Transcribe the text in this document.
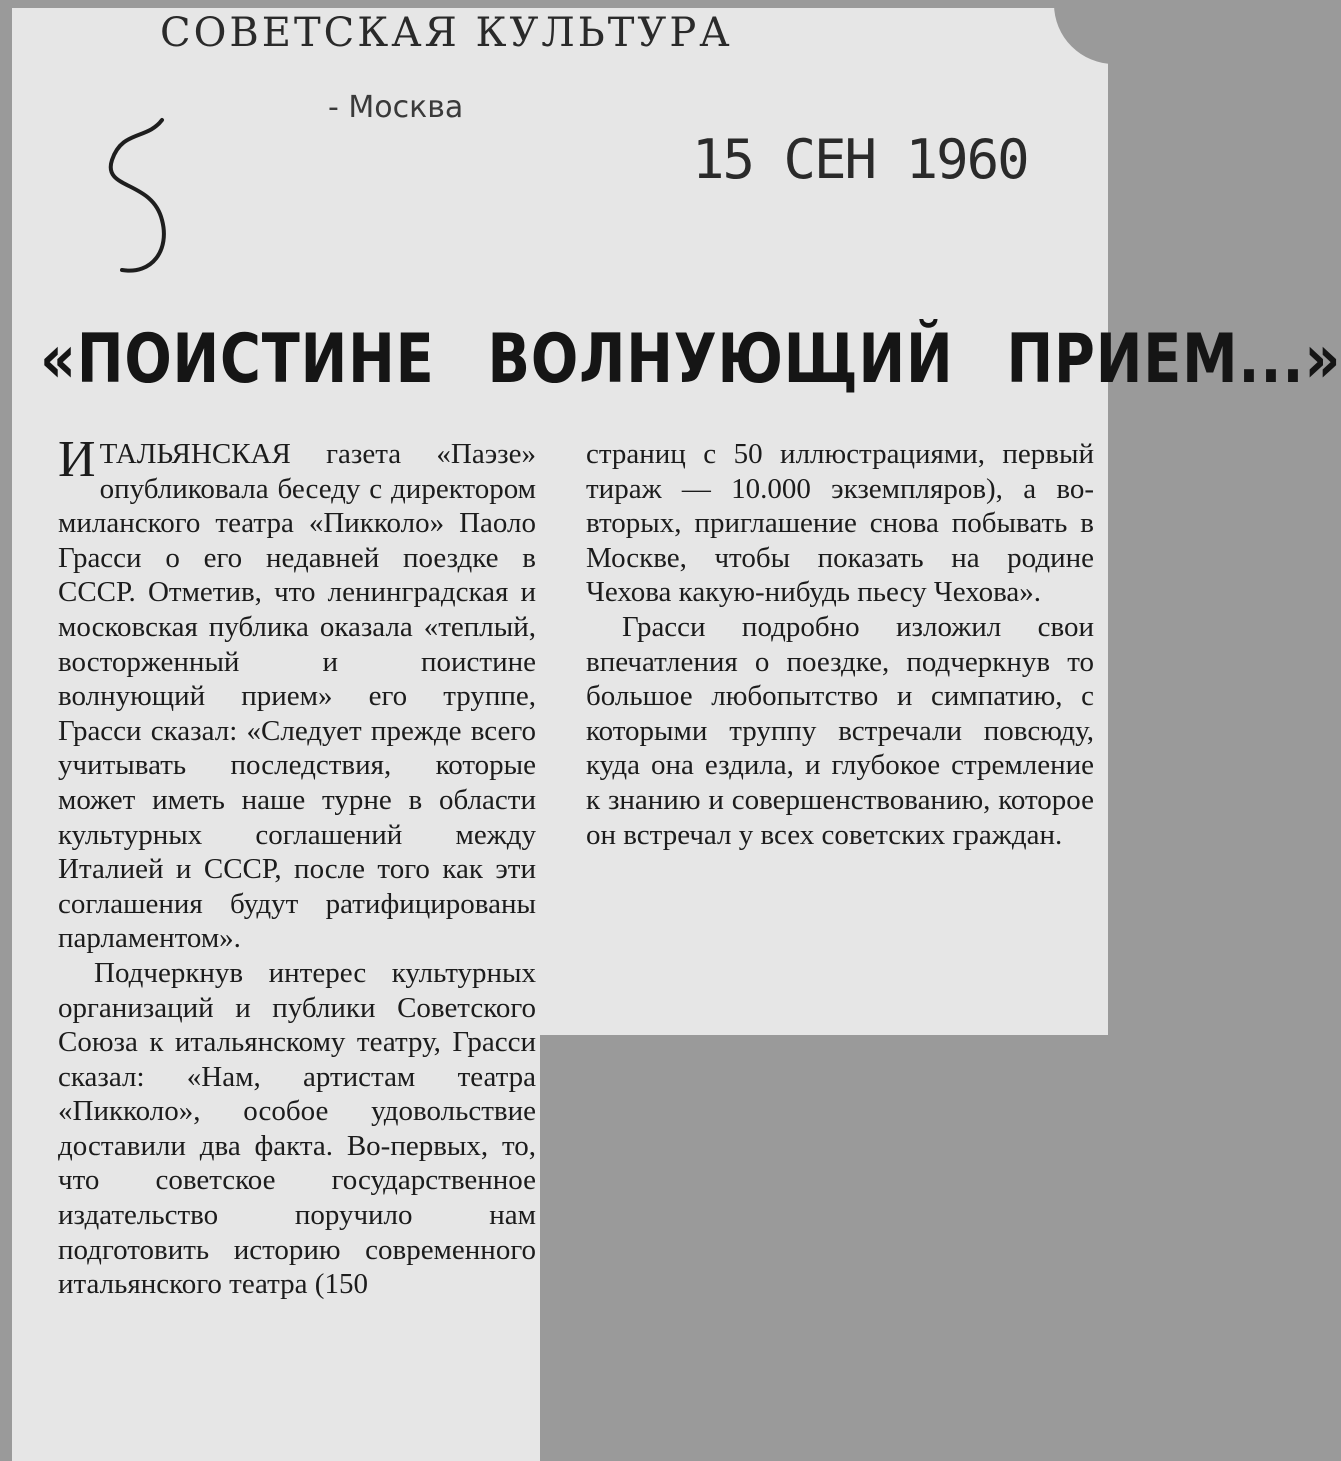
СОВЕТСКАЯ КУЛЬТУРА
- Москва
15 СЕН 1960
«ПОИСТИНЕ ВОЛНУЮЩИЙ ПРИЕМ...»

ИТАЛЬЯНСКАЯ газета «Паэзе» опубликовала беседу с директором миланского театра «Пикколо» Паоло Грасси о его недавней поездке в СССР. Отметив, что ленинградская и московская публика оказала «теплый, восторженный и поистине волнующий прием» его труппе, Грасси сказал: «Следует прежде всего учитывать последствия, которые может иметь наше турне в области культурных соглашений между Италией и СССР, после того как эти соглашения будут ратифицированы парламентом».

Подчеркнув интерес культурных организаций и публики Советского Союза к итальянскому театру, Грасси сказал: «Нам, артистам театра «Пикколо», особое удовольствие доставили два факта. Во-первых, то, что советское государственное издательство поручило нам подготовить историю современного итальянского театра (150

страниц с 50 иллюстрациями, первый тираж — 10.000 экземпляров), а во-вторых, приглашение снова побывать в Москве, чтобы показать на родине Чехова какую-нибудь пьесу Чехова».

Грасси подробно изложил свои впечатления о поездке, подчеркнув то большое любопытство и симпатию, с которыми труппу встречали повсюду, куда она ездила, и глубокое стремление к знанию и совершенствованию, которое он встречал у всех советских граждан.
